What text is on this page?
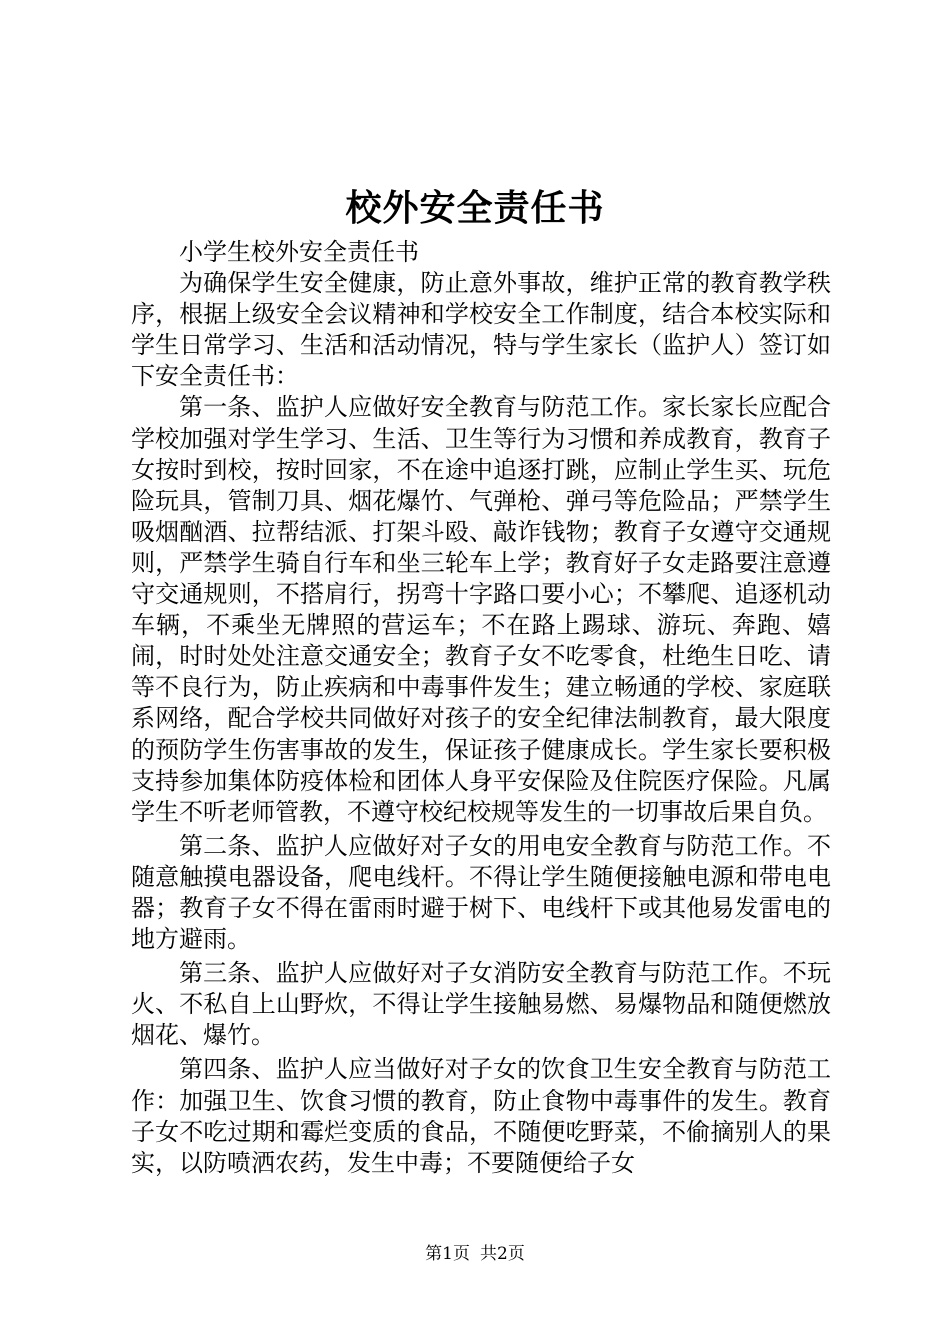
校外安全责任书

小学生校外安全责任书

为确保学生安全健康，防止意外事故，维护正常的教育教学秩序，根据上级安全会议精神和学校安全工作制度，结合本校实际和学生日常学习、生活和活动情况，特与学生家长（监护人）签订如下安全责任书：

第一条、监护人应做好安全教育与防范工作。家长家长应配合学校加强对学生学习、生活、卫生等行为习惯和养成教育，教育子女按时到校，按时回家，不在途中追逐打跳，应制止学生买、玩危险玩具，管制刀具、烟花爆竹、气弹枪、弹弓等危险品；严禁学生吸烟酗酒、拉帮结派、打架斗殴、敲诈钱物；教育子女遵守交通规则，严禁学生骑自行车和坐三轮车上学；教育好子女走路要注意遵守交通规则，不搭肩行，拐弯十字路口要小心；不攀爬、追逐机动车辆，不乘坐无牌照的营运车；不在路上踢球、游玩、奔跑、嬉闹，时时处处注意交通安全；教育子女不吃零食，杜绝生日吃、请等不良行为，防止疾病和中毒事件发生；建立畅通的学校、家庭联系网络，配合学校共同做好对孩子的安全纪律法制教育，最大限度的预防学生伤害事故的发生，保证孩子健康成长。学生家长要积极支持参加集体防疫体检和团体人身平安保险及住院医疗保险。凡属学生不听老师管教，不遵守校纪校规等发生的一切事故后果自负。

第二条、监护人应做好对子女的用电安全教育与防范工作。不随意触摸电器设备，爬电线杆。不得让学生随便接触电源和带电电器；教育子女不得在雷雨时避于树下、电线杆下或其他易发雷电的地方避雨。

第三条、监护人应做好对子女消防安全教育与防范工作。不玩火、不私自上山野炊，不得让学生接触易燃、易爆物品和随便燃放烟花、爆竹。

第四条、监护人应当做好对子女的饮食卫生安全教育与防范工作：加强卫生、饮食习惯的教育，防止食物中毒事件的发生。教育子女不吃过期和霉烂变质的食品，不随便吃野菜，不偷摘别人的果实，以防喷洒农药，发生中毒；不要随便给子女

第1页 共2页
